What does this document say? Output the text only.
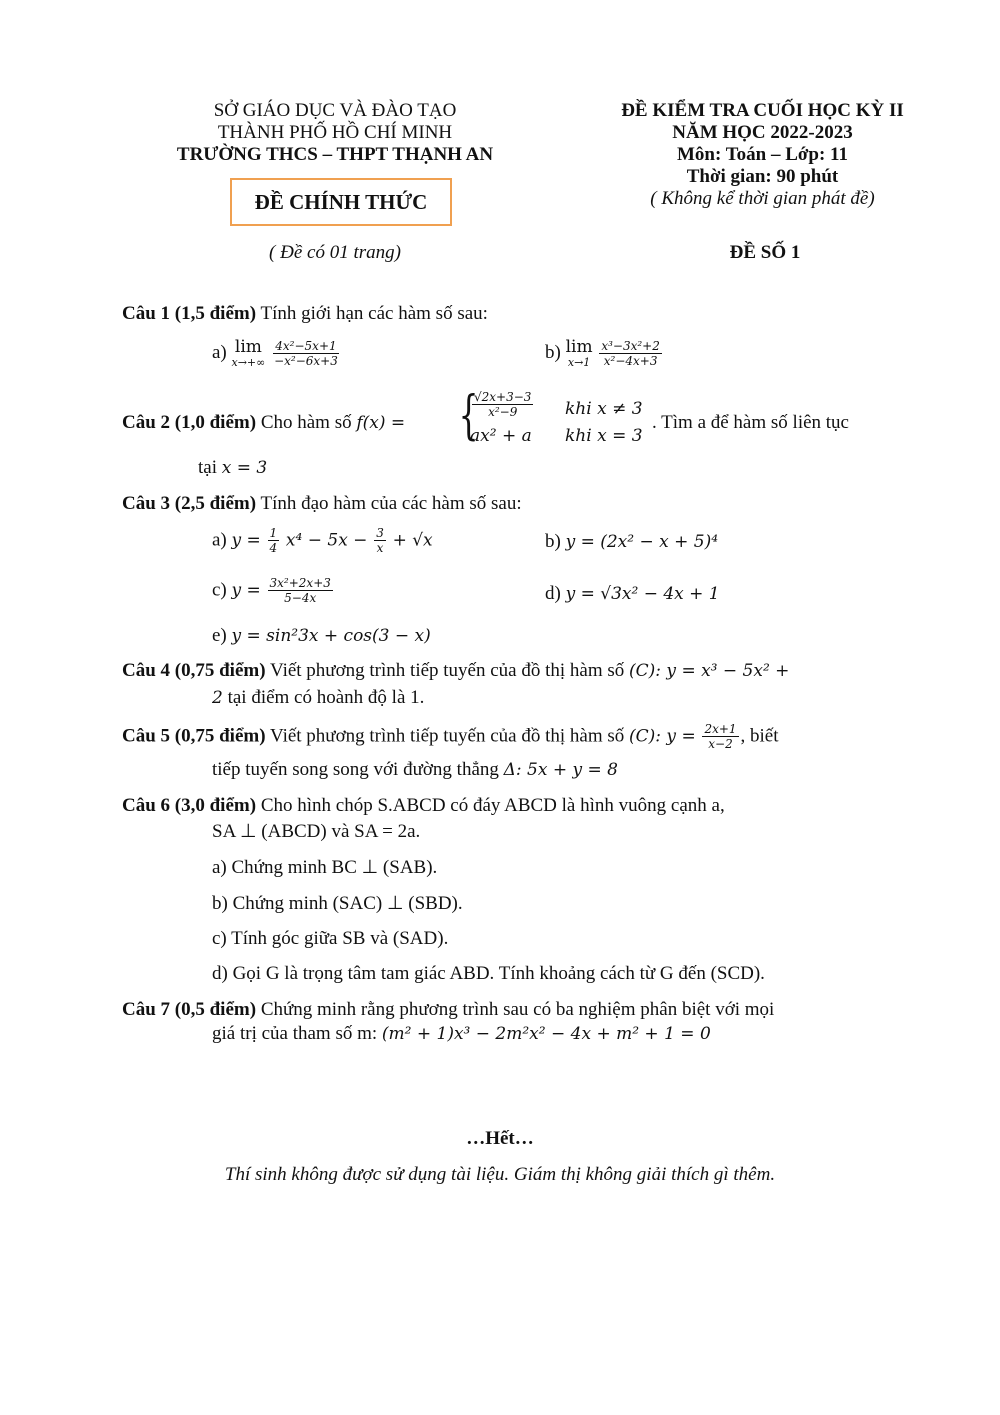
SỞ GIÁO DỤC VÀ ĐÀO TẠO
THÀNH PHỐ HỒ CHÍ MINH
TRƯỜNG THCS – THPT THẠNH AN
ĐỀ CHÍNH THỨC
( Đề có 01 trang)
ĐỀ KIỂM TRA CUỐI HỌC KỲ II
NĂM HỌC 2022-2023
Môn: Toán – Lớp: 11
Thời gian: 90 phút
( Không kể thời gian phát đề)
ĐỀ SỐ 1
Câu 1 (1,5 điểm) Tính giới hạn các hàm số sau:
a) lim
x→+∞
$\frac{\text{4x²−5x+1}}{\text{−x²−6x+3}}$	b) lim
x→1
$\frac{\text{x³−3x²+2}}{\text{x²−4x+3}}$
Câu 2 (1,0 điểm) Cho hàm số f(x) = {
$\frac{√2x+3-3}{\text{x²−9}}$ khi x ≠ 3
ax² + a khi x = 3
. Tìm a để hàm số liên tục
tại x = 3
Câu 3 (2,5 điểm) Tính đạo hàm của các hàm số sau:
a) $y = \frac{1}{4} x^4 - 5x - \frac{3}{x} + √x$	b) y = (2x² − x + 5)⁴
c) $y = \frac{\text{3x²+2x+3}}{5-4x}$	d) y = √3x² − 4x + 1
e) y = sin²3x + cos(3 − x)
Câu 4 (0,75 điểm) Viết phương trình tiếp tuyến của đồ thị hàm số (C): y = x³ − 5x² +
2 tại điểm có hoành độ là 1.
Câu 5 (0,75 điểm) Viết phương trình tiếp tuyến của đồ thị hàm số (C): $y = \frac{2x+1}{x-2}$ , biết
tiếp tuyến song song với đường thẳng Δ: 5x + y = 8
Câu 6 (3,0 điểm) Cho hình chóp S.ABCD có đáy ABCD là hình vuông cạnh a,
SA ⊥ (ABCD) và SA = 2a.
a) Chứng minh BC ⊥ (SAB).
b) Chứng minh (SAC) ⊥ (SBD).
c) Tính góc giữa SB và (SAD).
d) Gọi G là trọng tâm tam giác ABD. Tính khoảng cách từ G đến (SCD).
Câu 7 (0,5 điểm) Chứng minh rằng phương trình sau có ba nghiệm phân biệt với mọi
giá trị của tham số m: (m² + 1)x³ − 2m²x² − 4x + m² + 1 = 0
…Hết…
Thí sinh không được sử dụng tài liệu. Giám thị không giải thích gì thêm.
